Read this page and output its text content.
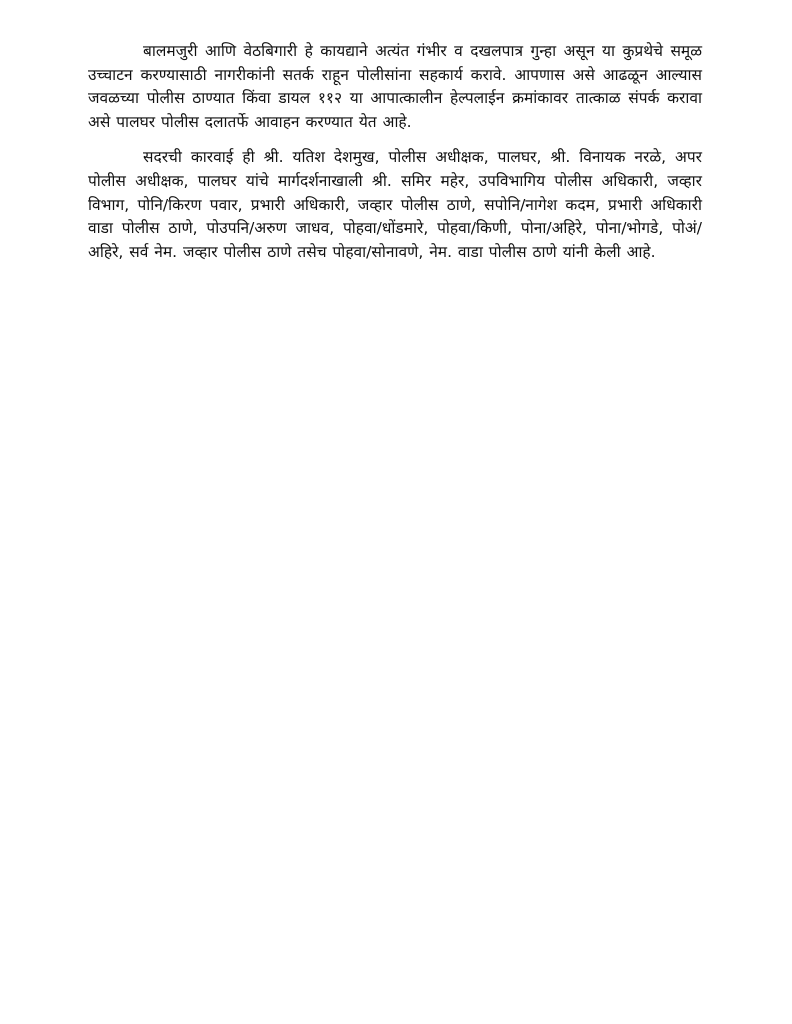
बालमजुरी आणि वेठबिगारी हे कायद्याने अत्यंत गंभीर व दखलपात्र गुन्हा असून या कुप्रथेचे समूळ उच्चाटन करण्यासाठी नागरीकांनी सतर्क राहून पोलीसांना सहकार्य करावे. आपणास असे आढळून आल्यास जवळच्या पोलीस ठाण्यात किंवा डायल ११२ या आपात्कालीन हेल्पलाईन क्रमांकावर तात्काळ संपर्क करावा असे पालघर पोलीस दलातर्फे आवाहन करण्यात येत आहे.

सदरची कारवाई ही श्री. यतिश देशमुख, पोलीस अधीक्षक, पालघर, श्री. विनायक नरळे, अपर पोलीस अधीक्षक, पालघर यांचे मार्गदर्शनाखाली श्री. समिर महेर, उपविभागिय पोलीस अधिकारी, जव्हार विभाग, पोनि/किरण पवार, प्रभारी अधिकारी, जव्हार पोलीस ठाणे, सपोनि/नागेश कदम, प्रभारी अधिकारी वाडा पोलीस ठाणे, पोउपनि/अरुण जाधव, पोहवा/धोंडमारे, पोहवा/किणी, पोना/अहिरे, पोना/भोगडे, पोअं/अहिरे, सर्व नेम. जव्हार पोलीस ठाणे तसेच पोहवा/सोनावणे, नेम. वाडा पोलीस ठाणे यांनी केली आहे.
